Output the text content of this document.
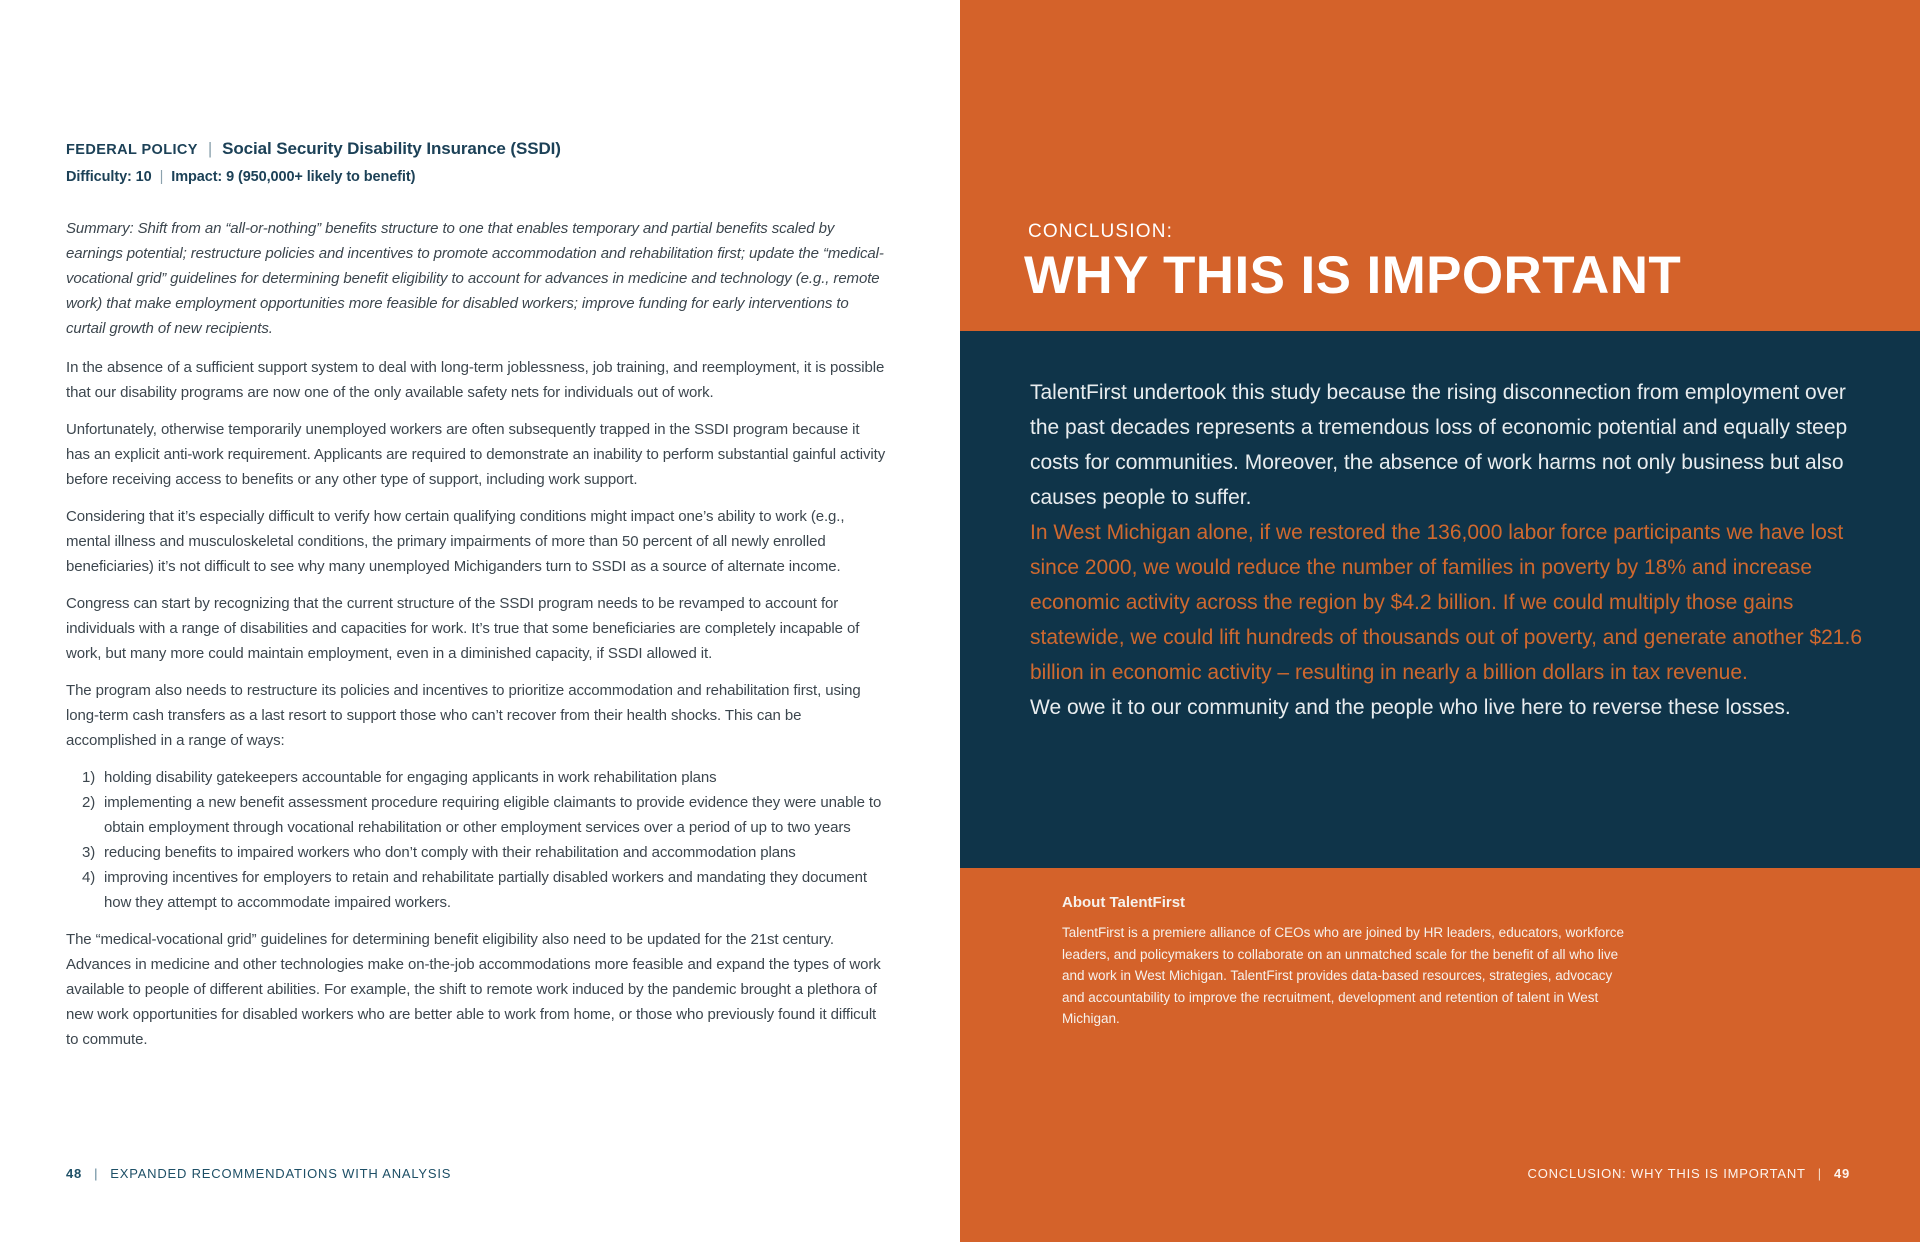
FEDERAL POLICY | Social Security Disability Insurance (SSDI)
Difficulty: 10 | Impact: 9 (950,000+ likely to benefit)

Summary: Shift from an “all-or-nothing” benefits structure to one that enables temporary and partial benefits scaled by earnings potential; restructure policies and incentives to promote accommodation and rehabilitation first; update the “medical-vocational grid” guidelines for determining benefit eligibility to account for advances in medicine and technology (e.g., remote work) that make employment opportunities more feasible for disabled workers; improve funding for early interventions to curtail growth of new recipients.

In the absence of a sufficient support system to deal with long-term joblessness, job training, and reemployment, it is possible that our disability programs are now one of the only available safety nets for individuals out of work.

Unfortunately, otherwise temporarily unemployed workers are often subsequently trapped in the SSDI program because it has an explicit anti-work requirement. Applicants are required to demonstrate an inability to perform substantial gainful activity before receiving access to benefits or any other type of support, including work support.

Considering that it’s especially difficult to verify how certain qualifying conditions might impact one’s ability to work (e.g., mental illness and musculoskeletal conditions, the primary impairments of more than 50 percent of all newly enrolled beneficiaries) it’s not difficult to see why many unemployed Michiganders turn to SSDI as a source of alternate income.

Congress can start by recognizing that the current structure of the SSDI program needs to be revamped to account for individuals with a range of disabilities and capacities for work. It’s true that some beneficiaries are completely incapable of work, but many more could maintain employment, even in a diminished capacity, if SSDI allowed it.

The program also needs to restructure its policies and incentives to prioritize accommodation and rehabilitation first, using long-term cash transfers as a last resort to support those who can’t recover from their health shocks. This can be accomplished in a range of ways:

1) holding disability gatekeepers accountable for engaging applicants in work rehabilitation plans
2) implementing a new benefit assessment procedure requiring eligible claimants to provide evidence they were unable to obtain employment through vocational rehabilitation or other employment services over a period of up to two years
3) reducing benefits to impaired workers who don’t comply with their rehabilitation and accommodation plans
4) improving incentives for employers to retain and rehabilitate partially disabled workers and mandating they document how they attempt to accommodate impaired workers.

The “medical-vocational grid” guidelines for determining benefit eligibility also need to be updated for the 21st century. Advances in medicine and other technologies make on-the-job accommodations more feasible and expand the types of work available to people of different abilities. For example, the shift to remote work induced by the pandemic brought a plethora of new work opportunities for disabled workers who are better able to work from home, or those who previously found it difficult to commute.

48 | EXPANDED RECOMMENDATIONS WITH ANALYSIS
CONCLUSION:
WHY THIS IS IMPORTANT

TalentFirst undertook this study because the rising disconnection from employment over the past decades represents a tremendous loss of economic potential and equally steep costs for communities. Moreover, the absence of work harms not only business but also causes people to suffer.

In West Michigan alone, if we restored the 136,000 labor force participants we have lost since 2000, we would reduce the number of families in poverty by 18% and increase economic activity across the region by $4.2 billion. If we could multiply those gains statewide, we could lift hundreds of thousands out of poverty, and generate another $21.6 billion in economic activity – resulting in nearly a billion dollars in tax revenue.

We owe it to our community and the people who live here to reverse these losses.

About TalentFirst

TalentFirst is a premiere alliance of CEOs who are joined by HR leaders, educators, workforce leaders, and policymakers to collaborate on an unmatched scale for the benefit of all who live and work in West Michigan. TalentFirst provides data-based resources, strategies, advocacy and accountability to improve the recruitment, development and retention of talent in West Michigan.

CONCLUSION: WHY THIS IS IMPORTANT | 49
